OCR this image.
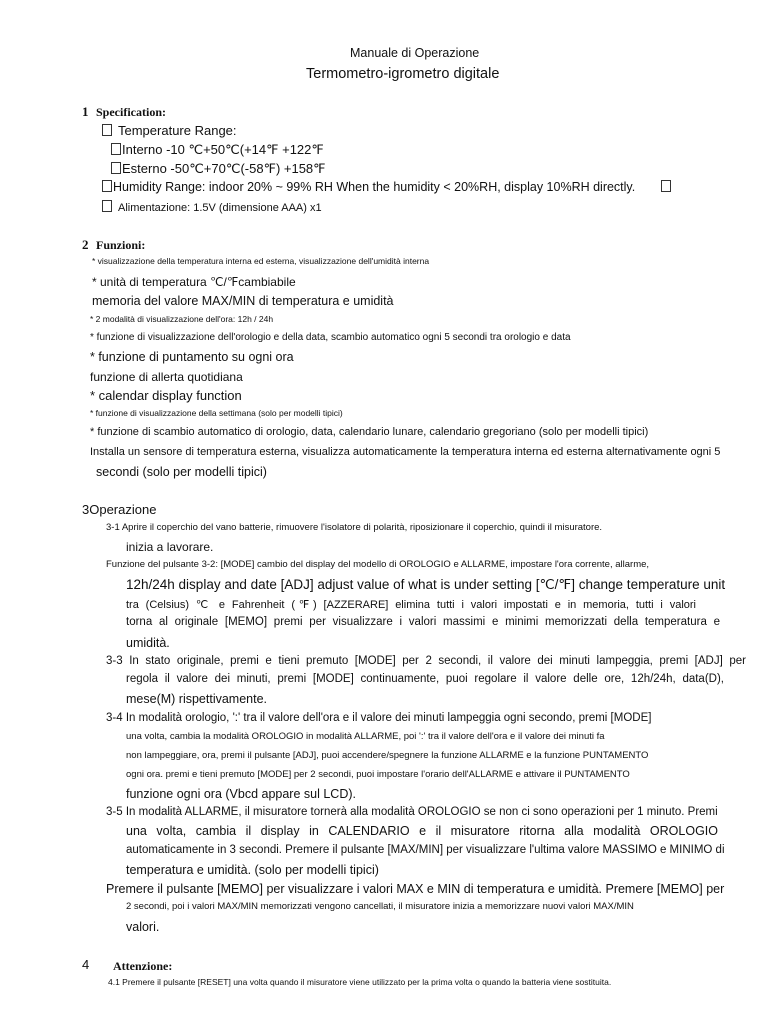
Manuale di Operazione
Termometro-igrometro digitale
1 Specification:
Temperature Range:
Interno -10 ℃+50℃(+14℉ +122℉
Esterno -50℃+70℃(-58℉) +158℉
Humidity Range: indoor 20% ~ 99% RH When the humidity < 20%RH, display 10%RH directly.
Alimentazione: 1.5V (dimensione AAA) x1
2 Funzioni:
* visualizzazione della temperatura interna ed esterna, visualizzazione dell'umidità interna
* unità di temperatura ℃/℉cambiabile
memoria del valore MAX/MIN di temperatura e umidità
* 2 modalità di visualizzazione dell'ora: 12h / 24h
* funzione di visualizzazione dell'orologio e della data, scambio automatico ogni 5 secondi tra orologio e data
* funzione di puntamento su ogni ora
funzione di allerta quotidiana
* calendar display function
* funzione di visualizzazione della settimana (solo per modelli tipici)
* funzione di scambio automatico di orologio, data, calendario lunare, calendario gregoriano (solo per modelli tipici)
Installa un sensore di temperatura esterna, visualizza automaticamente la temperatura interna ed esterna alternativamente ogni 5
secondi (solo per modelli tipici)
3Operazione
3-1 Aprire il coperchio del vano batterie, rimuovere l'isolatore di polarità, riposizionare il coperchio, quindi il misuratore.
inizia a lavorare.
Funzione del pulsante 3-2: [MODE] cambio del display del modello di OROLOGIO e ALLARME, impostare l'ora corrente, allarme,
12h/24h display and date [ADJ] adjust value of what is under setting [℃/℉] change temperature unit
tra (Celsius) ℃ e Fahrenheit (℉) [AZZERARE] elimina tutti i valori impostati e in memoria, tutti i valori
torna al originale [MEMO] premi per visualizzare i valori massimi e minimi memorizzati della temperatura e
umidità.
3-3 In stato originale, premi e tieni premuto [MODE] per 2 secondi, il valore dei minuti lampeggia, premi [ADJ] per
regola il valore dei minuti, premi [MODE] continuamente, puoi regolare il valore delle ore, 12h/24h, data(D),
mese(M) rispettivamente.
3-4 In modalità orologio, ':' tra il valore dell'ora e il valore dei minuti lampeggia ogni secondo, premi [MODE]
una volta, cambia la modalità OROLOGIO in modalità ALLARME, poi ':' tra il valore dell'ora e il valore dei minuti fa
non lampeggiare, ora, premi il pulsante [ADJ], puoi accendere/spegnere la funzione ALLARME e la funzione PUNTAMENTO
ogni ora. premi e tieni premuto [MODE] per 2 secondi, puoi impostare l'orario dell'ALLARME e attivare il PUNTAMENTO
funzione ogni ora (Vbcd appare sul LCD).
3-5 In modalità ALLARME, il misuratore tornerà alla modalità OROLOGIO se non ci sono operazioni per 1 minuto. Premi
una volta, cambia il display in CALENDARIO e il misuratore ritorna alla modalità OROLOGIO
automaticamente in 3 secondi. Premere il pulsante [MAX/MIN] per visualizzare l'ultima valore MASSIMO e MINIMO di
temperatura e umidità. (solo per modelli tipici)
Premere il pulsante [MEMO] per visualizzare i valori MAX e MIN di temperatura e umidità. Premere [MEMO] per
2 secondi, poi i valori MAX/MIN memorizzati vengono cancellati, il misuratore inizia a memorizzare nuovi valori MAX/MIN
valori.
4 Attenzione:
4.1 Premere il pulsante [RESET] una volta quando il misuratore viene utilizzato per la prima volta o quando la batteria viene sostituita.
